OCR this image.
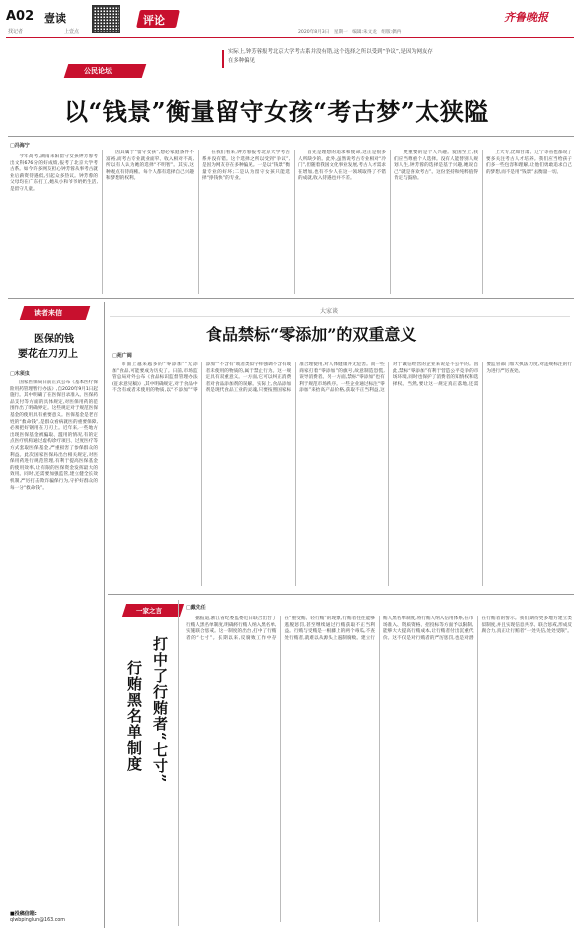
A02 壹读
找记者	上壹点
评论	齐鲁晚报
2020年8月3日　星期一　编辑:朱文龙　组版:偶冉
公民论坛
实际上,钟芳蓉报考北京大学考古系并没有错,这个选择之所以受到“争议”,是因为网友存在多种偏见
以“钱景”衡量留守女孩“考古梦”太狭隘
□冯海宁

今年高考,湖南耒阳留守女孩钟芳蓉考出文科676分的好成绩,报考了北京大学考古系。如今许多网友担心钟芳蓉从事考古就业后薪资待遇低,引起众多热议。钟芳蓉的父母均在广东打工,她从小和爷爷奶奶生活,是留守儿童。

因其属于“留守女孩”,想必家庭条件不富裕,而考古专业就业面窄、收入相对不高,所以有人认为她的选择“不明智”。其实,这种观点有待商榷。每个人都有选择自己兴趣和梦想的权利。

在我们看来,钟芳蓉报考北京大学考古系并没有错。这个选择之所以受到“争议”,是因为网友存在多种偏见。一是以“钱景”衡量专业的好坏;二是认为留守女孩只能选择“挣钱快”的专业。

首先是理想的追求和使命,这正是很多人所缺少的。此外,虽然说考古专业相对“冷门”,但随着我国文化事业发展,考古人才需求在增加,也有不少人在这一领域取得了不错的成就,收入待遇也并不差。

更重要的是个人兴趣。爱国至上,我们应当尊重个人选择。没有人能替别人规划人生,钟芳蓉的选择是基于兴趣,她说自己“就是喜欢考古”。这份坚持和纯粹值得肯定与鼓励。

上大专,比如甘肃、辽宁等省也都说了要多关注考古人才培养。我们应当给孩子们多一些包容和理解,让他们勇敢追求自己的梦想,而不是用“钱景”去衡量一切。

读者来信
医保的钱
要花在刀刃上
□木须虫

国家医保局日前正式公布《基本医疗保险用药管理暂行办法》,自2020年9月1日起施行。其中明确了在医保目录准入、医保药品支付等方面的具体规定,对医保用药的范围作出了明确界定。这些规定对于规范医保基金的使用具有重要意义。医保基金是老百姓的“救命钱”,是群众看病就医的重要保障,必须把好钢用在刀刃上。近年来,一些地方出现医保基金被骗取、滥用的情况,有的定点医疗机构通过虚构诊疗项目、过度医疗等方式套取医保基金,严重损害了参保群众的利益。此次国家医保局出台相关规定,对医保用药进行规范管理,有利于提高医保基金的使用效率,让有限的医保资金发挥最大的效用。同时,还需要加强监管,建立健全长效机制,严厉打击欺诈骗保行为,守护好群众的每一分“救命钱”。

■投稿信箱:
qlwbpinglun@163.com
大家谈
食品禁标“零添加”的双重意义
□苑广阔

市面上越来越多的“零添加”“无添加”食品,可能要成为历史了。日前,市场监管总局对外公布《食品标识监督管理办法(征求意见稿)》,其中明确规定,对于食品中不含有或者未使用的物质,以“不添加”“零添加”“不含有”或者类似字样强调不含有或者未使用的物质的,属于禁止行为。这一规定具有双重意义。一方面,它可以纠正消费者对食品添加剂的误解。实际上,食品添加剂是现代食品工业的灵魂,只要按照国家标准合理使用,对人体健康并无危害。而一些商家打着“零添加”的旗号,故意制造恐慌,误导消费者。另一方面,禁标“零添加”也有利于规范市场秩序。一些企业通过标注“零添加”来抬高产品价格,获取不正当利益,这对于诚信经营的企业来说是不公平的。因此,禁标“零添加”有利于营造公平竞争的市场环境,同时也保护了消费者的知情权和选择权。当然,要让这一规定真正落地,还需要监管部门加大执法力度,对违规标注的行为进行严厉查处。

一家之言
打中了行贿者“七寸”
行贿黑名单制度
□戴先任

据报道,浙江省纪委监委近日联合出台了行贿人黑名单制度,明确将行贿人纳入黑名单,实施联合惩戒。这一制度的出台,打中了行贿者的“七寸”。长期以来,反腐败工作中存在“重受贿、轻行贿”的现象,行贿者往往能够逃脱惩罚,甚至继续通过行贿获取不正当利益。行贿与受贿是一根藤上的两个毒瓜,不查处行贿者,就难以从源头上遏制腐败。建立行贿人黑名单制度,将行贿人纳入信用体系,在市场准入、资质资格、招投标等方面予以限制,能够大大提高行贿成本,让行贿者付出沉重代价。这不仅是对行贿者的严厉惩罚,也是对潜在行贿者的警示。我们期待更多地方建立类似制度,并且实现信息共享、联合惩戒,形成反腐合力,真正让行贿者“一处失信,处处受限”。
